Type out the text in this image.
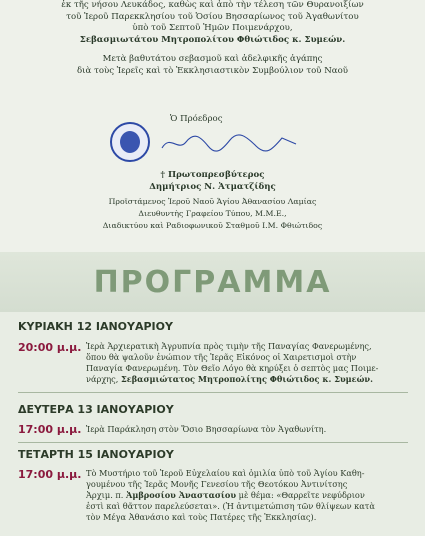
ἐκ τῆς νήσου Λευκάδος, καθὼς καὶ ἀπὸ τὴν τέλεση τῶν Θυρανοιξίων
τοῦ Ἱεροῦ Παρεκκλησίου τοῦ Ὁσίου Βησσαρίωνος τοῦ Ἀγαθωνίτου
ὑπὸ τοῦ Σεπτοῦ Ἡμῶν Ποιμενάρχου,
Σεβασμιωτάτου Μητροπολίτου Φθιώτιδος κ. Συμεών.
Μετὰ βαθυτάτου σεβασμοῦ καὶ ἀδελφικῆς ἀγάπης
διὰ τοὺς Ἱερεῖς καὶ τὸ Ἐκκλησιαστικὸν Συμβούλιον τοῦ Ναοῦ
Ὁ Πρόεδρος
† Πρωτοπρεσβύτερος
Δημήτριος Ν. Ἀτματζίδης
Προϊστάμενος Ἱεροῦ Ναοῦ Ἁγίου Ἀθανασίου Λαμίας
Διευθυντὴς Γραφείου Τύπου, Μ.Μ.Ε.,
Διαδικτύου καὶ Ραδιοφωνικοῦ Σταθμοῦ Ι.Μ. Φθιώτιδος
ΠΡΟΓΡΑΜΜΑ
ΚΥΡΙΑΚΗ 12 ΙΑΝΟΥΑΡΙΟΥ
20:00 μ.μ. Ἱερὰ Ἀρχιερατικὴ Ἀγρυπνία πρὸς τιμὴν τῆς Παναγίας Φανερωμένης,
ὅπου θὰ ψαλοῦν ἐνώπιον τῆς Ἱερᾶς Εἰκόνος οἱ Χαιρετισμοὶ στὴν
Παναγία Φανερωμένη. Τὸν Θεῖο Λόγο θὰ κηρύξει ὁ σεπτὸς μας Ποιμε-
νάρχης, Σεβασμιώτατος Μητροπολίτης Φθιώτιδος κ. Συμεών.
ΔΕΥΤΕΡΑ 13 ΙΑΝΟΥΑΡΙΟΥ
17:00 μ.μ. Ἱερὰ Παράκληση στὸν Ὅσιο Βησσαρίωνα τὸν Ἀγαθωνίτη.
ΤΕΤΑΡΤΗ 15 ΙΑΝΟΥΑΡΙΟΥ
17:00 μ.μ. Τὸ Μυστήριο τοῦ Ἱεροῦ Εὐχελαίου καὶ ὁμιλία ὑπὸ τοῦ Ἁγίου Καθη-
γουμένου τῆς Ἱερᾶς Μονῆς Γενεσίου τῆς Θεοτόκου Ἀντινίτσης
Ἀρχιμ. π. Ἀμβροσίου Ἀναστασίου μὲ θέμα: «Θαρρεῖτε νεφύδριον
ἐστὶ καὶ θᾶττον παρελεύσεται». (Ἡ ἀντιμετώπιση τῶν θλίψεων κατὰ
τὸν Μέγα Ἀθανάσιο καὶ τοὺς Πατέρες τῆς Ἐκκλησίας).
